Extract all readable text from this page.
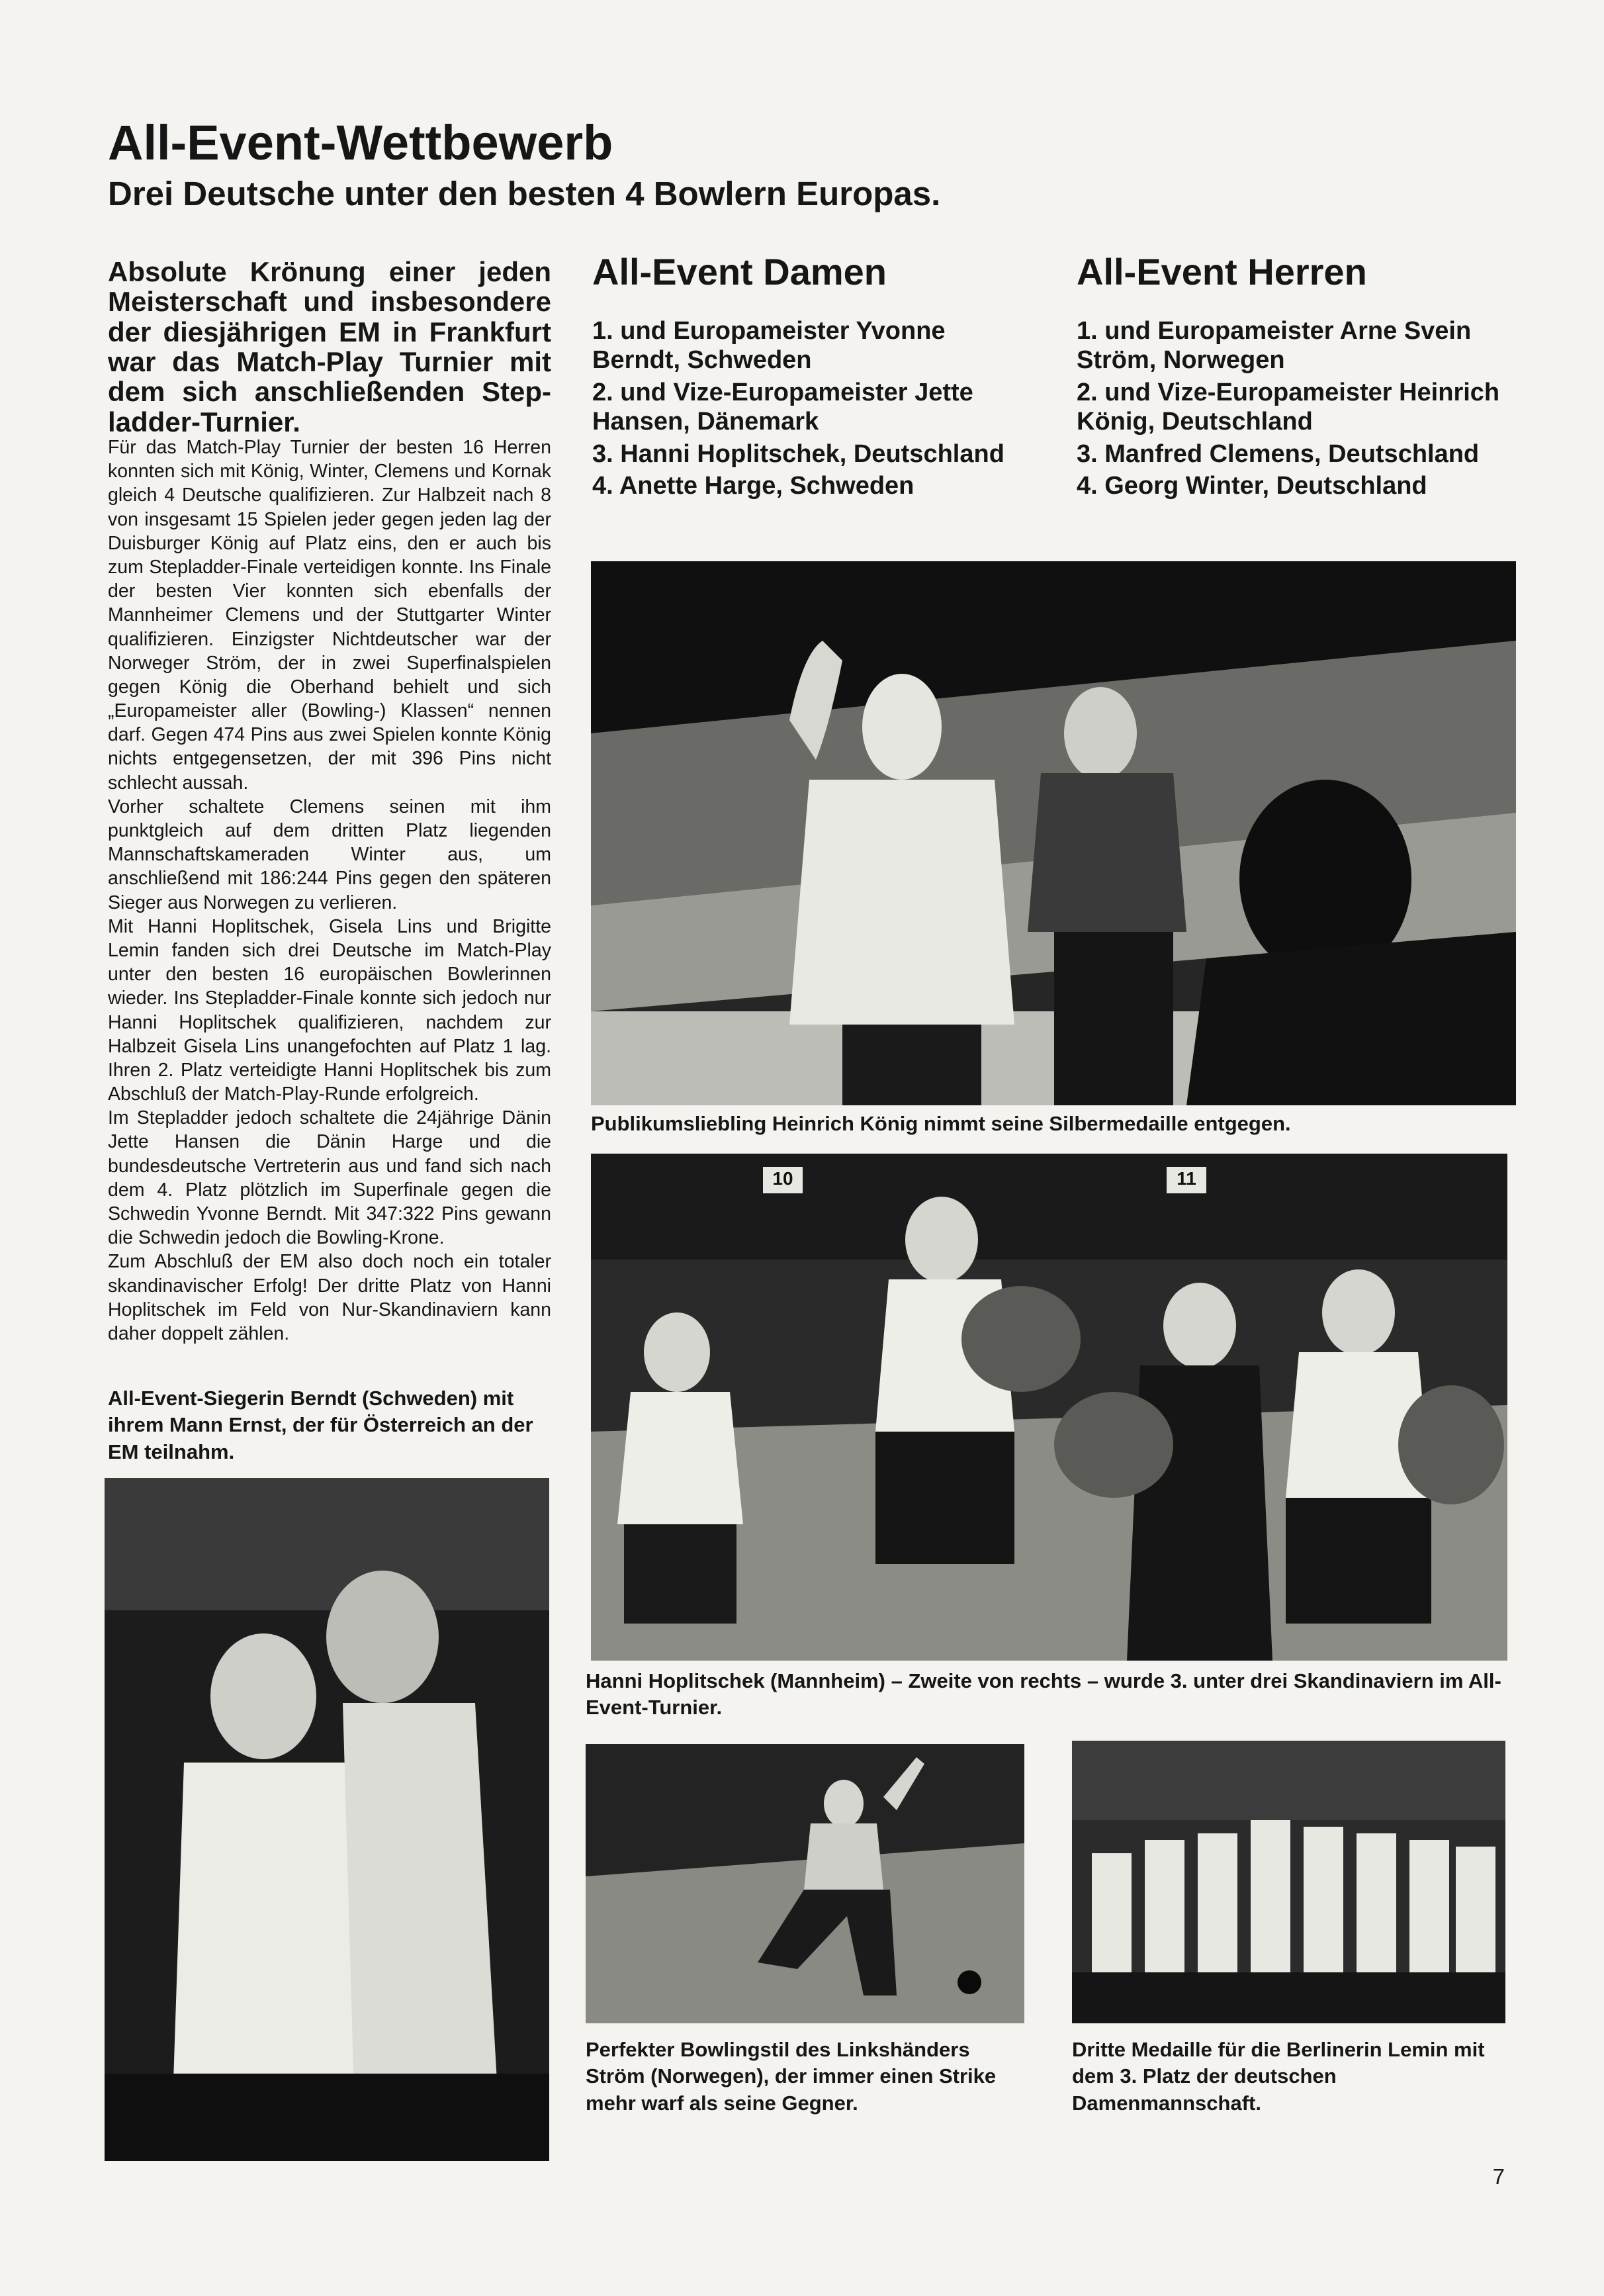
All-Event-Wettbewerb
Drei Deutsche unter den besten 4 Bowlern Europas.
Absolute Krönung einer jeden Meisterschaft und insbesondere der diesjährigen EM in Frankfurt war das Match-Play Turnier mit dem sich anschließenden Step-ladder-Turnier.

Für das Match-Play Turnier der besten 16 Herren konnten sich mit König, Winter, Clemens und Kornak gleich 4 Deutsche qualifizieren. Zur Halbzeit nach 8 von insgesamt 15 Spielen jeder gegen jeden lag der Duisburger König auf Platz eins, den er auch bis zum Stepladder-Finale verteidigen konnte. Ins Finale der besten Vier konnten sich ebenfalls der Mannheimer Clemens und der Stuttgarter Winter qualifizieren. Einzigster Nichtdeutscher war der Norweger Ström, der in zwei Superfinalspielen gegen König die Oberhand behielt und sich „Europameister aller (Bowling-) Klassen“ nennen darf. Gegen 474 Pins aus zwei Spielen konnte König nichts entgegensetzen, der mit 396 Pins nicht schlecht aussah.

Vorher schaltete Clemens seinen mit ihm punktgleich auf dem dritten Platz liegenden Mannschaftskameraden Winter aus, um anschließend mit 186:244 Pins gegen den späteren Sieger aus Norwegen zu verlieren.

Mit Hanni Hoplitschek, Gisela Lins und Brigitte Lemin fanden sich drei Deutsche im Match-Play unter den besten 16 europäischen Bowlerinnen wieder. Ins Stepladder-Finale konnte sich jedoch nur Hanni Hoplitschek qualifizieren, nachdem zur Halbzeit Gisela Lins unangefochten auf Platz 1 lag. Ihren 2. Platz verteidigte Hanni Hoplitschek bis zum Abschluß der Match-Play-Runde erfolgreich.

Im Stepladder jedoch schaltete die 24jährige Dänin Jette Hansen die Dänin Harge und die bundesdeutsche Vertreterin aus und fand sich nach dem 4. Platz plötzlich im Superfinale gegen die Schwedin Yvonne Berndt. Mit 347:322 Pins gewann die Schwedin jedoch die Bowling-Krone.

Zum Abschluß der EM also doch noch ein totaler skandinavischer Erfolg! Der dritte Platz von Hanni Hoplitschek im Feld von Nur-Skandinaviern kann daher doppelt zählen.

All-Event Damen
1. und Europameister Yvonne Berndt, Schweden
2. und Vize-Europameister Jette Hansen, Dänemark
3. Hanni Hoplitschek, Deutschland
4. Anette Harge, Schweden
All-Event Herren
1. und Europameister Arne Svein Ström, Norwegen
2. und Vize-Europameister Heinrich König, Deutschland
3. Manfred Clemens, Deutschland
4. Georg Winter, Deutschland
Publikumsliebling Heinrich König nimmt seine Silbermedaille entgegen.
10	11
Hanni Hoplitschek (Mannheim) – Zweite von rechts – wurde 3. unter drei Skandinaviern im All-Event-Turnier.
All-Event-Siegerin Berndt (Schweden) mit ihrem Mann Ernst, der für Österreich an der EM teilnahm.
Perfekter Bowlingstil des Linkshänders Ström (Norwegen), der immer einen Strike mehr warf als seine Gegner.
Dritte Medaille für die Berlinerin Lemin mit dem 3. Platz der deutschen Damenmannschaft.
7
